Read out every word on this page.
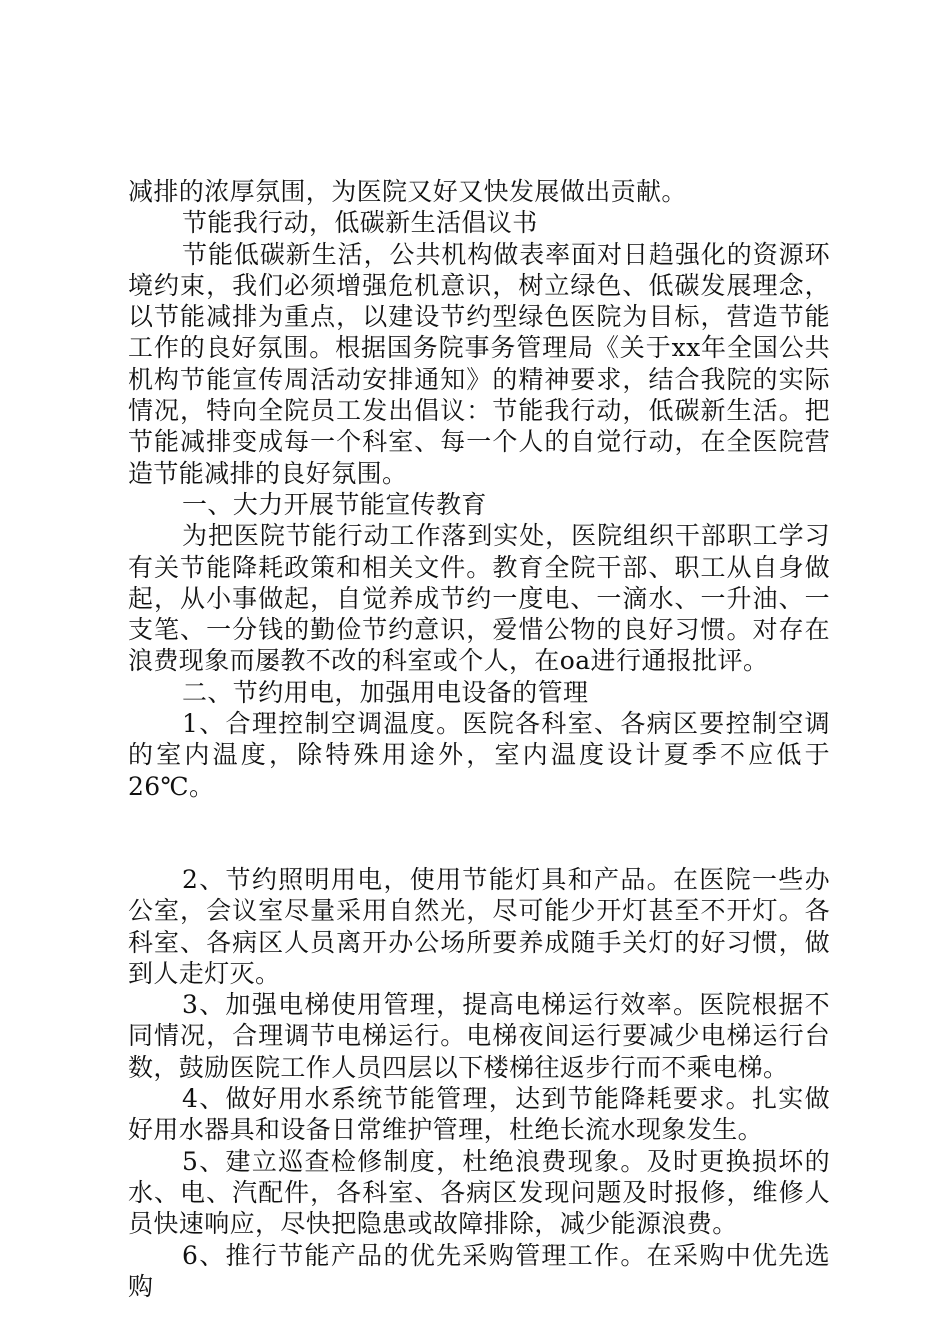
减排的浓厚氛围，为医院又好又快发展做出贡献。

节能我行动，低碳新生活倡议书

节能低碳新生活，公共机构做表率面对日趋强化的资源环境约束，我们必须增强危机意识，树立绿色、低碳发展理念，以节能减排为重点，以建设节约型绿色医院为目标，营造节能工作的良好氛围。根据国务院事务管理局《关于xx年全国公共机构节能宣传周活动安排通知》的精神要求，结合我院的实际情况，特向全院员工发出倡议：节能我行动，低碳新生活。把节能减排变成每一个科室、每一个人的自觉行动，在全医院营造节能减排的良好氛围。

一、大力开展节能宣传教育

为把医院节能行动工作落到实处，医院组织干部职工学习有关节能降耗政策和相关文件。教育全院干部、职工从自身做起，从小事做起，自觉养成节约一度电、一滴水、一升油、一支笔、一分钱的勤俭节约意识，爱惜公物的良好习惯。对存在浪费现象而屡教不改的科室或个人，在oa进行通报批评。

二、节约用电，加强用电设备的管理

1、合理控制空调温度。医院各科室、各病区要控制空调的室内温度，除特殊用途外，室内温度设计夏季不应低于26℃。

2、节约照明用电，使用节能灯具和产品。在医院一些办公室，会议室尽量采用自然光，尽可能少开灯甚至不开灯。各科室、各病区人员离开办公场所要养成随手关灯的好习惯，做到人走灯灭。

3、加强电梯使用管理，提高电梯运行效率。医院根据不同情况，合理调节电梯运行。电梯夜间运行要减少电梯运行台数，鼓励医院工作人员四层以下楼梯往返步行而不乘电梯。

4、做好用水系统节能管理，达到节能降耗要求。扎实做好用水器具和设备日常维护管理，杜绝长流水现象发生。

5、建立巡查检修制度，杜绝浪费现象。及时更换损坏的水、电、汽配件，各科室、各病区发现问题及时报修，维修人员快速响应，尽快把隐患或故障排除，减少能源浪费。

6、推行节能产品的优先采购管理工作。在采购中优先选购
